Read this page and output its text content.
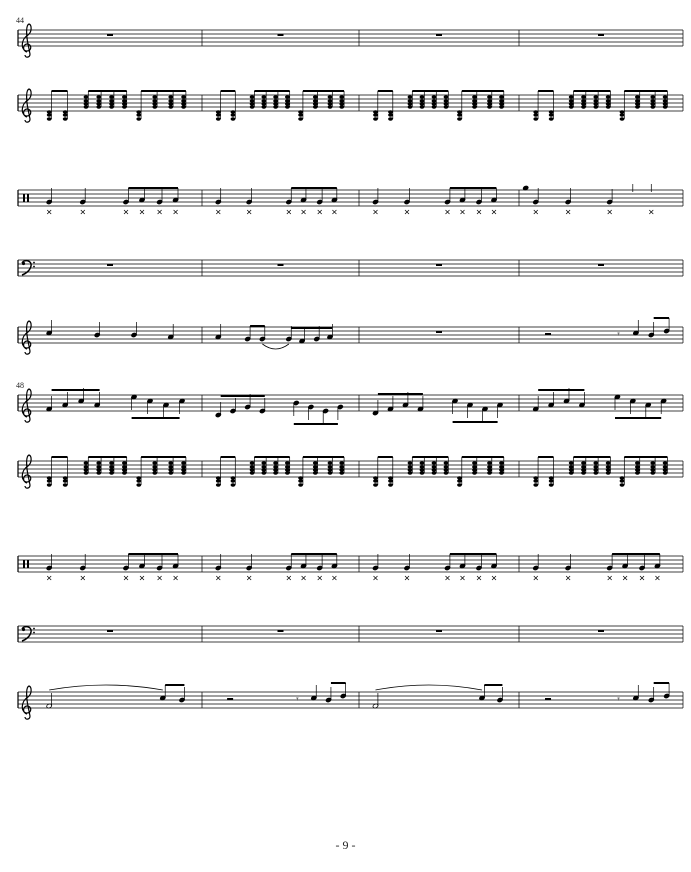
44
𝄾
48
𝄾	𝄾
- 9 -
